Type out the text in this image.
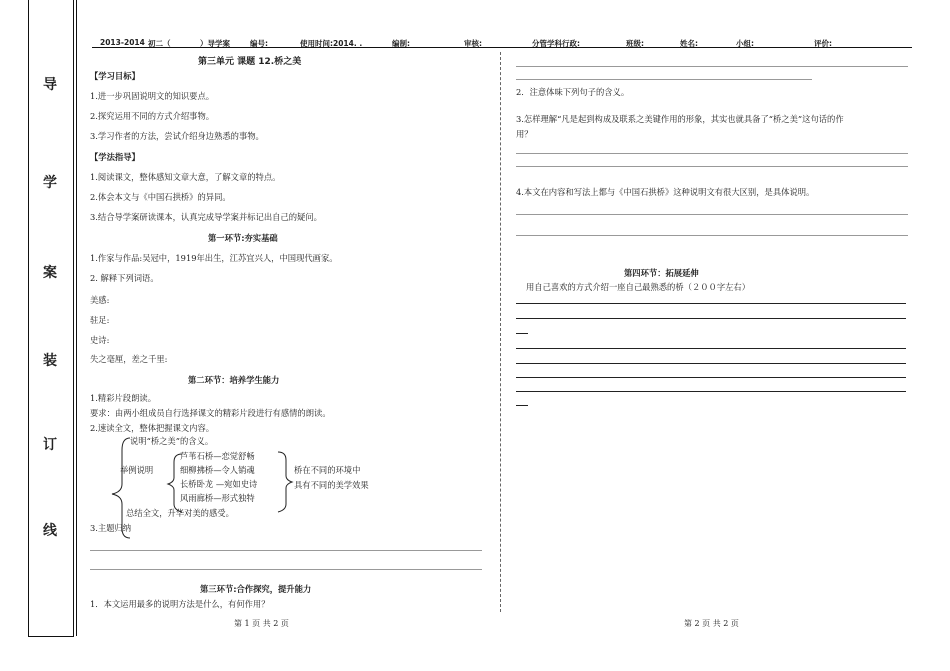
导
学
案
装
订
线
2013-2014 初二（	）导学案	编号:	使用时间:2014. .	编制:	审核:	分管学科行政:	班级:	姓名:	小组:	评价:
第三单元 课题 12.桥之美
【学习目标】
1.进一步巩固说明文的知识要点。
2.探究运用不同的方式介绍事物。
3.学习作者的方法，尝试介绍身边熟悉的事物。
【学法指导】
1.阅读课文，整体感知文章大意，了解文章的特点。
2.体会本文与《中国石拱桥》的异同。
3.结合导学案研读课本，认真完成导学案并标记出自己的疑问。
第一环节:夯实基础
1.作家与作品:吴冠中，1919年出生，江苏宜兴人，中国现代画家。
2. 解释下列词语。
美感:
驻足:
史诗:
失之毫厘，差之千里:
第二环节：培养学生能力
1.精彩片段朗读。
要求：由两小组成员自行选择课文的精彩片段进行有感情的朗读。
2.速读全文，整体把握课文内容。
说明“桥之美”的含义。
举例说明
芦苇石桥—恋觉舒畅
细柳拂桥—令人销魂
长桥卧龙 —宛如史诗
风雨廊桥—形式独特
桥在不同的环境中
具有不同的美学效果
总结全文，升华对美的感受。
3.主题归纳
第三环节:合作探究，提升能力
1．本文运用最多的说明方法是什么，有何作用？
第 1 页 共 2 页
2．注意体味下列句子的含义。
3.怎样理解“凡是起到构成及联系之美键作用的形象，其实也就具备了“桥之美”这句话的作
用？
4.本文在内容和写法上都与《中国石拱桥》这种说明文有很大区别，是具体说明。
第四环节：拓展延伸
用自己喜欢的方式介绍一座自己最熟悉的桥（２００字左右）
第 2 页 共 2 页
